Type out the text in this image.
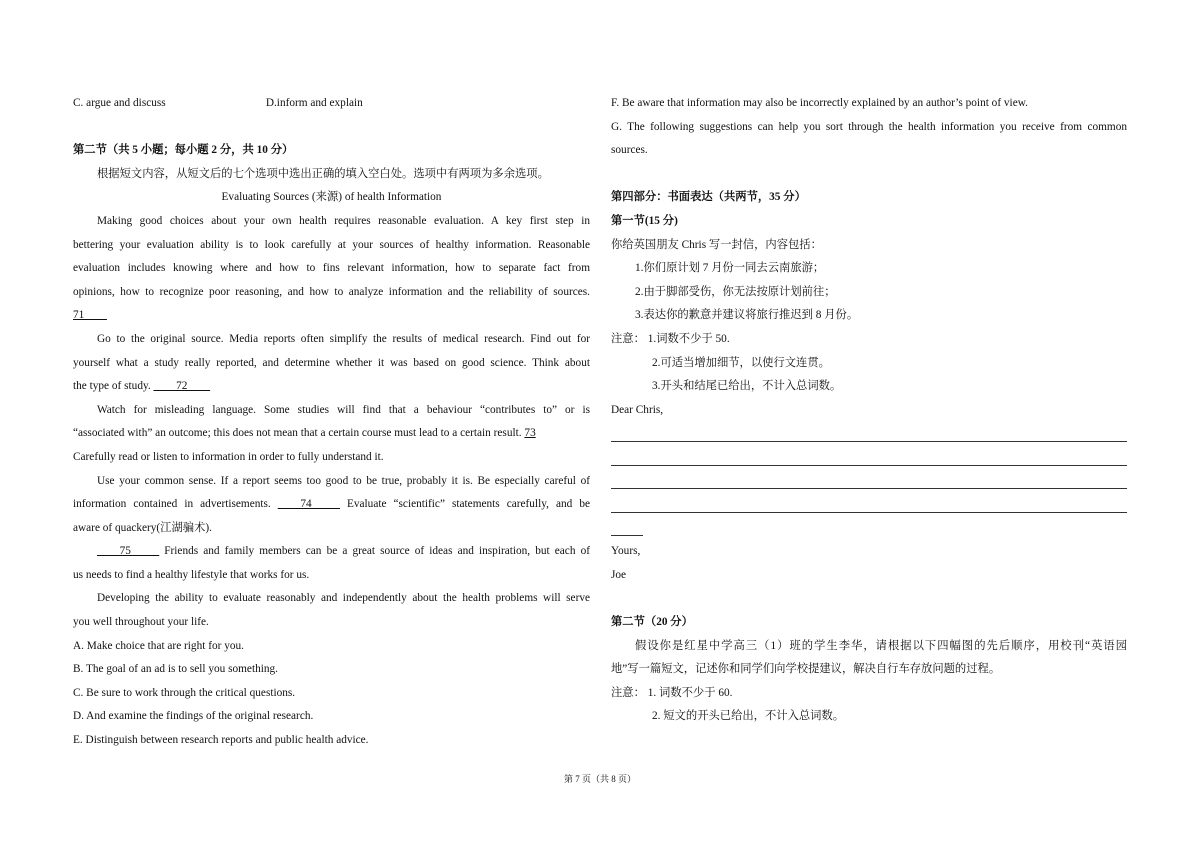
C. argue and discuss	D.inform and explain
第二节（共 5 小题；每小题 2 分，共 10 分）
根据短文内容，从短文后的七个选项中选出正确的填入空白处。选项中有两项为多余选项。
Evaluating Sources (来源) of health Information
Making good choices about your own health requires reasonable evaluation. A key first step in
bettering your evaluation ability is to look carefully at your sources of healthy information. Reasonable
evaluation includes knowing where and how to fins relevant information, how to separate fact from
opinions, how to recognize poor reasoning, and how to analyze information and the reliability of sources.
71____
Go to the original source. Media reports often simplify the results of medical research. Find out for
yourself what a study really reported, and determine whether it was based on good science. Think about
the type of study. ____72____
Watch for misleading language. Some studies will find that a behaviour “contributes to” or is
“associated with” an outcome; this does not mean that a certain course must lead to a certain result. 73
Carefully read or listen to information in order to fully understand it.
Use your common sense. If a report seems too good to be true, probably it is. Be especially careful of
information contained in advertisements. ____74_____ Evaluate “scientific” statements carefully, and be
aware of quackery(江湖骗术).
____75_____ Friends and family members can be a great source of ideas and inspiration, but each of
us needs to find a healthy lifestyle that works for us.
Developing the ability to evaluate reasonably and independently about the health problems will serve
you well throughout your life.
A. Make choice that are right for you.
B. The goal of an ad is to sell you something.
C. Be sure to work through the critical questions.
D. And examine the findings of the original research.
E. Distinguish between research reports and public health advice.
F. Be aware that information may also be incorrectly explained by an author’s point of view.
G. The following suggestions can help you sort through the health information you receive from common
sources.
第四部分：书面表达（共两节，35 分）
第一节(15 分)
你给英国朋友 Chris 写一封信，内容包括：
1.你们原计划 7 月份一同去云南旅游；
2.由于脚部受伤，你无法按原计划前往；
3.表达你的歉意并建议将旅行推迟到 8 月份。
注意： 1.词数不少于 50.
2.可适当增加细节，以使行文连贯。
3.开头和结尾已给出，不计入总词数。
Dear Chris,
Yours,
Joe
第二节（20 分）
假设你是红星中学高三（1）班的学生李华，请根据以下四幅图的先后顺序，用校刊“英语园
地”写一篇短文，记述你和同学们向学校提建议，解决自行车存放问题的过程。
注意： 1. 词数不少于 60.
2. 短文的开头已给出，不计入总词数。
第 7 页（共 8 页）
